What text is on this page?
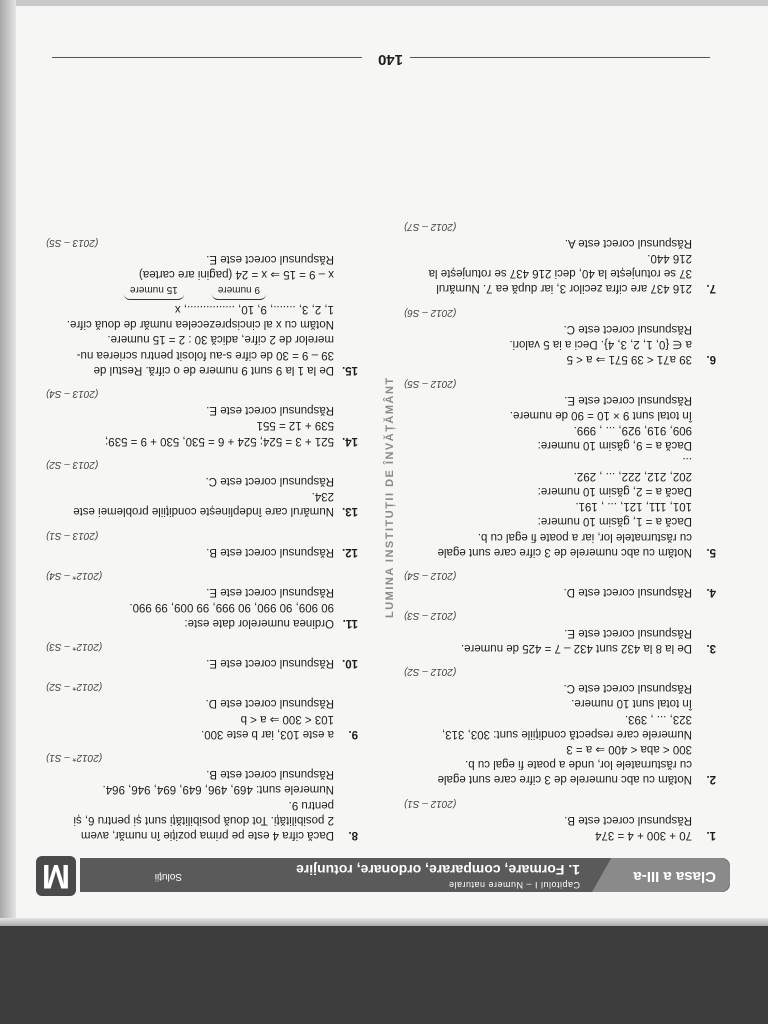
Clasa a III-a
Capitolul I – Numere naturale
1. Formare, comparare, ordonare, rotunjire
Soluții
M
1.
70 + 300 + 4 = 374
Răspunsul corect este B.
(2012 – S1)
2.
Notăm cu abc numerele de 3 cifre care sunt egale
cu răsturnatele lor, unde a poate fi egal cu b.
300 < aba < 400 ⇒ a = 3
Numerele care respectă condițiile sunt: 303, 313,
323, ... , 393.
În total sunt 10 numere.
Răspunsul corect este C.
(2012 – S2)
3.
De la 8 la 432 sunt 432 – 7 = 425 de numere.
Răspunsul corect este E.
(2012 – S3)
4.
Răspunsul corect este D.
(2012 – S4)
5.
Notăm cu abc numerele de 3 cifre care sunt egale
cu răsturnatele lor, iar a poate fi egal cu b.
Dacă a = 1, găsim 10 numere:
101, 111, 121, ... , 191.
Dacă a = 2, găsim 10 numere:
202, 212, 222, ... , 292.
...
Dacă a = 9, găsim 10 numere:
909, 919, 929, ... , 999.
În total sunt 9 × 10 = 90 de numere.
Răspunsul corect este E.
(2012 – S5)
6.
39 a71 < 39 571 ⇒ a < 5
a ∈ {0, 1, 2, 3, 4}. Deci a ia 5 valori.
Răspunsul corect este C.
(2012 – S6)
7.
216 437 are cifra zecilor 3, iar după ea 7. Numărul
37 se rotunjește la 40, deci 216 437 se rotunjește la
216 440.
Răspunsul corect este A.
(2012 – S7)
8.
Dacă cifra 4 este pe prima poziție în număr, avem
2 posibilități. Tot două posibilități sunt și pentru 6, și
pentru 9.
Numerele sunt: 469, 496, 649, 694, 946, 964.
Răspunsul corect este B.
(2012* – S1)
9.
a este 103, iar b este 300.
103 < 300 ⇒ a < b
Răspunsul corect este D.
(2012* – S2)
10.
Răspunsul corect este E.
(2012* – S3)
11.
Ordinea numerelor date este:
90 909, 90 990, 90 999, 99 009, 99 990.
Răspunsul corect este E.
(2012* – S4)
12.
Răspunsul corect este B.
(2013 – S1)
13.
Numărul care îndeplinește condițiile problemei este
234.
Răspunsul corect este C.
(2013 – S2)
14.
521 + 3 = 524; 524 + 6 = 530, 530 + 9 = 539;
539 + 12 = 551
Răspunsul corect este E.
(2013 – S4)
15.
De la 1 la 9 sunt 9 numere de o cifră. Restul de
39 – 9 = 30 de cifre s-au folosit pentru scrierea nu-
merelor de 2 cifre, adică 30 : 2 = 15 numere.
Notăm cu x al cincisprezecelea număr de două cifre.
1, 2, 3, ......., 9, 10, ..............., x
9 numere
15 numere
x – 9 = 15 ⇒ x = 24 (pagini are cartea)
Răspunsul corect este E.
(2013 – S5)
LUMINA INSTITUȚII DE ÎNVĂȚĂMÂNT
140
